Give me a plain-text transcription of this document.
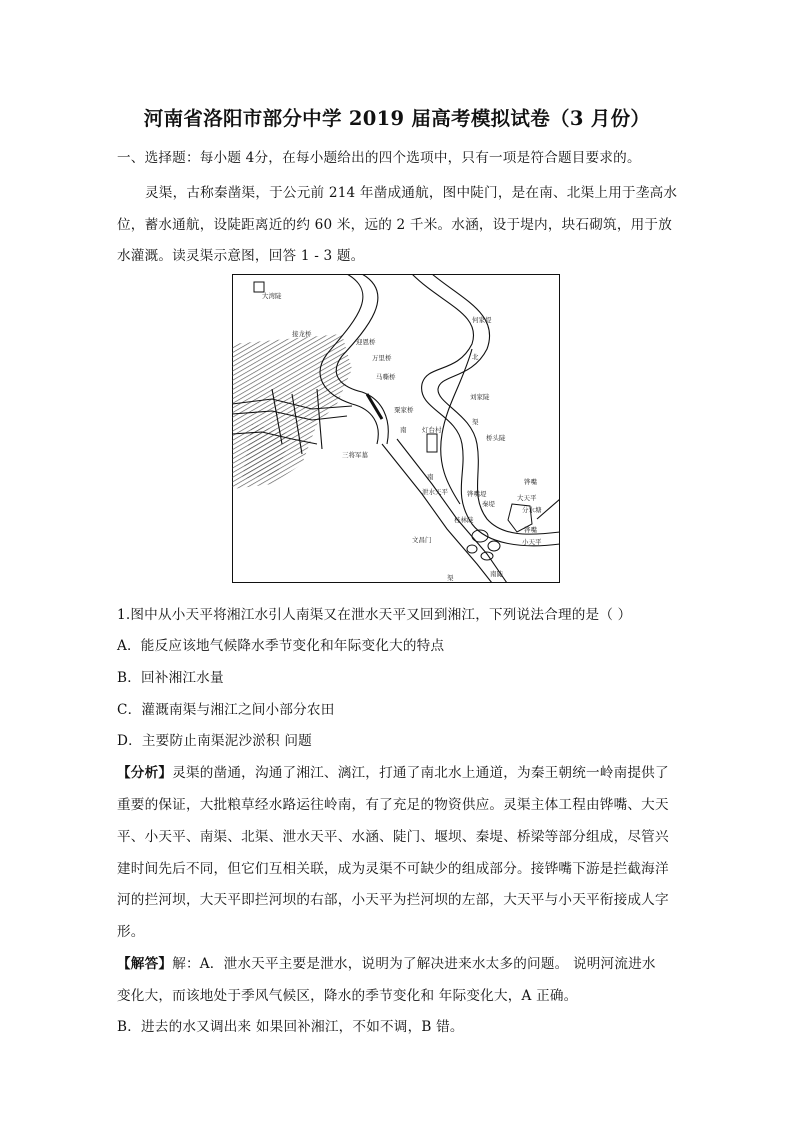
河南省洛阳市部分中学 2019 届高考模拟试卷（3 月份）
一、选择题：每小题 4分，在每小题给出的四个选项中，只有一项是符合题目要求的。
灵渠，古称秦凿渠，于公元前 214 年凿成通航，图中陡门，是在南、北渠上用于垄高水
位，蓄水通航，设陡距离近的约 60 米，远的 2 千米。水涵，设于堤内，块石砌筑，用于放
水灌溉。读灵渠示意图，回答 1 - 3 题。
大湾陡
接龙桥
迎恩桥
万里桥
马嘶桥
何家堤
北
刘家陡
粟家桥
渠
灯台村
桥头陡
南
三将军墓
南
泄水天平
铧嘴
大天平
分水塘
铧嘴堤
秦堤
铧嘴
小天平
桂林陡
文昌门
南陡
渠
1.图中从小天平将湘江水引人南渠又在泄水天平又回到湘江，下列说法合理的是（ ）
A．能反应该地气候降水季节变化和年际变化大的特点
B．回补湘江水量
C．灌溉南渠与湘江之间小部分农田
D．主要防止南渠泥沙淤积 问题
【分析】灵渠的凿通，沟通了湘江、漓江，打通了南北水上通道，为秦王朝统一岭南提供了
重要的保证，大批粮草经水路运往岭南，有了充足的物资供应。灵渠主体工程由铧嘴、大天
平、小天平、南渠、北渠、泄水天平、水涵、陡门、堰坝、秦堤、桥梁等部分组成，尽管兴
建时间先后不同，但它们互相关联，成为灵渠不可缺少的组成部分。接铧嘴下游是拦截海洋
河的拦河坝，大天平即拦河坝的右部，小天平为拦河坝的左部，大天平与小天平衔接成人字
形。
【解答】解：A．泄水天平主要是泄水，说明为了解决进来水太多的问题。 说明河流进水
变化大，而该地处于季风气候区，降水的季节变化和 年际变化大，A 正确。
B．进去的水又调出来 如果回补湘江，不如不调，B 错。
